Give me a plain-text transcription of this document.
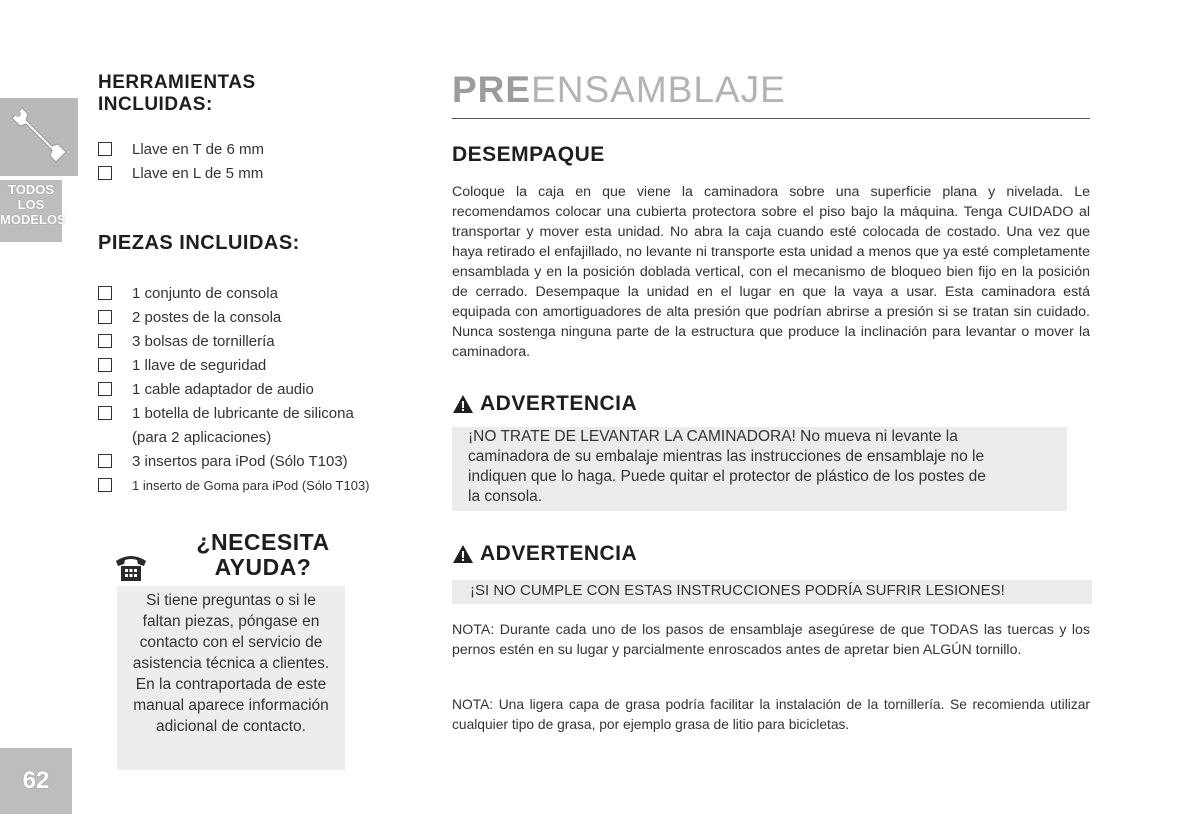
TODOS
LOS
MODELOS
62
HERRAMIENTAS
INCLUIDAS:
Llave en T de 6 mm
Llave en L de 5 mm
PIEZAS INCLUIDAS:
1 conjunto de consola
2 postes de la consola
3 bolsas de tornillería
1 llave de seguridad
1 cable adaptador de audio
1 botella de lubricante de silicona
(para 2 aplicaciones)
3 insertos para iPod (Sólo T103)
1 inserto de Goma para iPod (Sólo T103)
¿NECESITA
AYUDA?
Si tiene preguntas o si le
faltan piezas, póngase en
contacto con el servicio de
asistencia técnica a clientes.
En la contraportada de este
manual aparece información
adicional de contacto.
PREENSAMBLAJE
DESEMPAQUE

Coloque la caja en que viene la caminadora sobre una superficie plana y nivelada. Le recomendamos colocar una cubierta protectora sobre el piso bajo la máquina. Tenga CUIDADO al transportar y mover esta unidad. No abra la caja cuando esté colocada de costado. Una vez que haya retirado el enfajillado, no levante ni transporte esta unidad a menos que ya esté completamente ensamblada y en la posición doblada vertical, con el mecanismo de bloqueo bien fijo en la posición de cerrado. Desempaque la unidad en el lugar en que la vaya a usar. Esta caminadora está equipada con amortiguadores de alta presión que podrían abrirse a presión si se tratan sin cuidado. Nunca sostenga ninguna parte de la estructura que produce la inclinación para levantar o mover la caminadora.

ADVERTENCIA
¡NO TRATE DE LEVANTAR LA CAMINADORA! No mueva ni levante la
caminadora de su embalaje mientras las instrucciones de ensamblaje no le
indiquen que lo haga. Puede quitar el protector de plástico de los postes de
la consola.
ADVERTENCIA
¡SI NO CUMPLE CON ESTAS INSTRUCCIONES PODRÍA SUFRIR LESIONES!

NOTA: Durante cada uno de los pasos de ensamblaje asegúrese de que TODAS las tuercas y los pernos estén en su lugar y parcialmente enroscados antes de apretar bien ALGÚN tornillo.

NOTA: Una ligera capa de grasa podría facilitar la instalación de la tornillería. Se recomienda utilizar cualquier tipo de grasa, por ejemplo grasa de litio para bicicletas.
